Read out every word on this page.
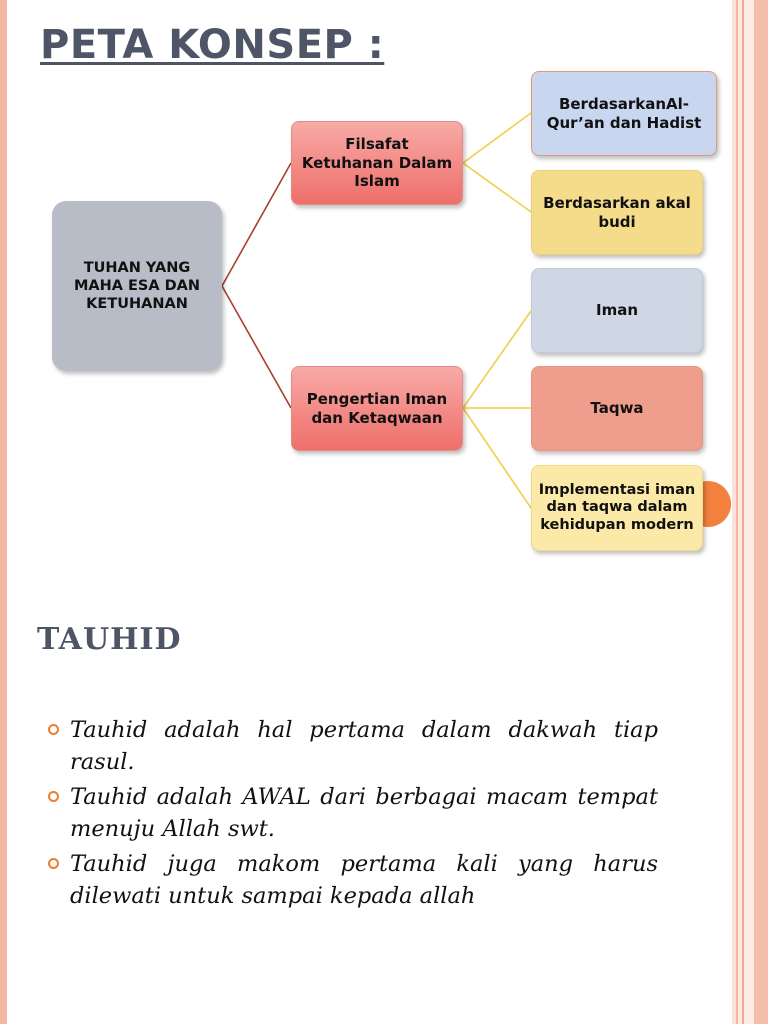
PETA KONSEP :
TUHAN YANG MAHA ESA DAN KETUHANAN
Filsafat Ketuhanan Dalam Islam
Pengertian Iman dan Ketaqwaan
BerdasarkanAl-Qur’an dan Hadist
Berdasarkan akal budi
Iman
Taqwa
Implementasi iman dan taqwa dalam kehidupan modern
TAUHID
Tauhid adalah hal pertama dalam dakwah tiap rasul.
Tauhid adalah AWAL dari berbagai macam tempat menuju Allah swt.
Tauhid juga makom pertama kali yang harus dilewati untuk sampai kepada allah
